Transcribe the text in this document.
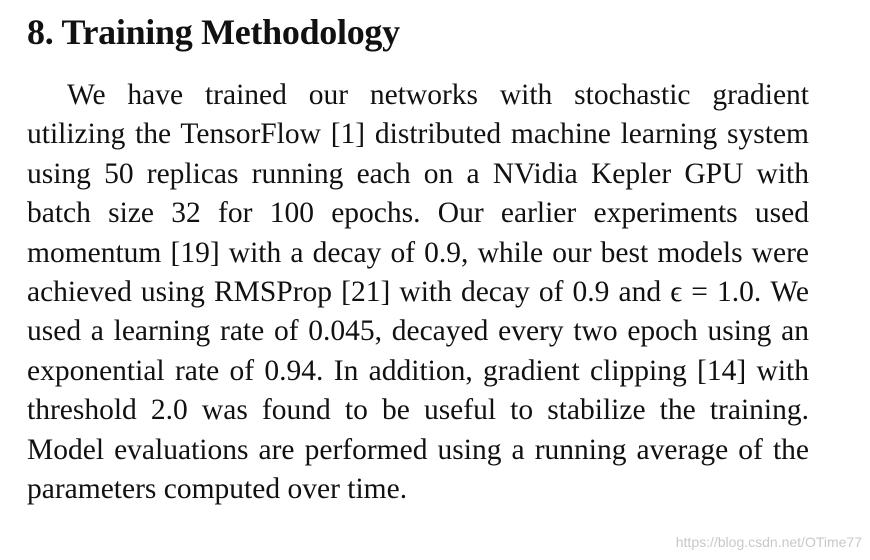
8. Training Methodology

We have trained our networks with stochastic gradient utilizing the TensorFlow [1] distributed machine learning system using 50 replicas running each on a NVidia Kepler GPU with batch size 32 for 100 epochs. Our earlier experiments used momentum [19] with a decay of 0.9, while our best models were achieved using RMSProp [21] with decay of 0.9 and ϵ = 1.0. We used a learning rate of 0.045, decayed every two epoch using an exponential rate of 0.94. In addition, gradient clipping [14] with threshold 2.0 was found to be useful to stabilize the training. Model evaluations are performed using a running average of the parameters computed over time.

https://blog.csdn.net/OTime77
